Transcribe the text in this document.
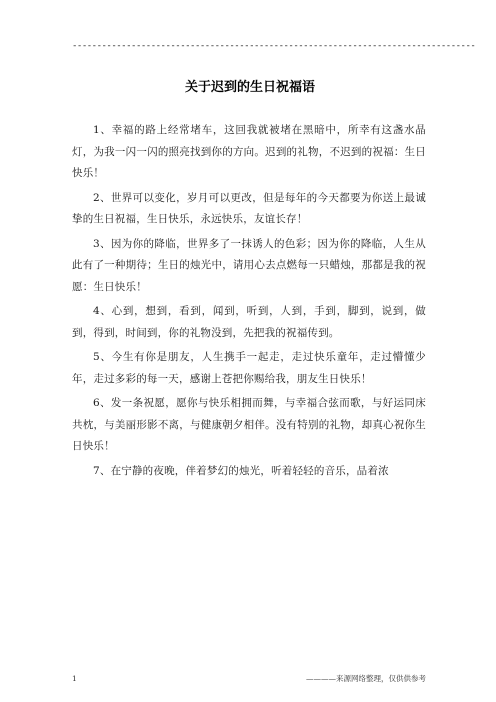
----------------------------------------------------------------------------------
关于迟到的生日祝福语

1、幸福的路上经常堵车，这回我就被堵在黑暗中，所幸有这盏水晶灯，为我一闪一闪的照亮找到你的方向。迟到的礼物，不迟到的祝福：生日快乐！

2、世界可以变化，岁月可以更改，但是每年的今天都要为你送上最诚挚的生日祝福，生日快乐，永远快乐，友谊长存！

3、因为你的降临，世界多了一抹诱人的色彩；因为你的降临，人生从此有了一种期待；生日的烛光中，请用心去点燃每一只蜡烛，那都是我的祝愿：生日快乐！

4、心到，想到，看到，闻到，听到，人到，手到，脚到，说到，做到，得到，时间到，你的礼物没到，先把我的祝福传到。

5、今生有你是朋友，人生携手一起走，走过快乐童年，走过懵懂少年，走过多彩的每一天，感谢上苍把你赐给我，朋友生日快乐！

6、发一条祝愿，愿你与快乐相拥而舞，与幸福合弦而歌，与好运同床共枕，与美丽形影不离，与健康朝夕相伴。没有特别的礼物，却真心祝你生日快乐！

7、在宁静的夜晚，伴着梦幻的烛光，听着轻轻的音乐，品着浓

1	————来源网络整理，仅供供参考
